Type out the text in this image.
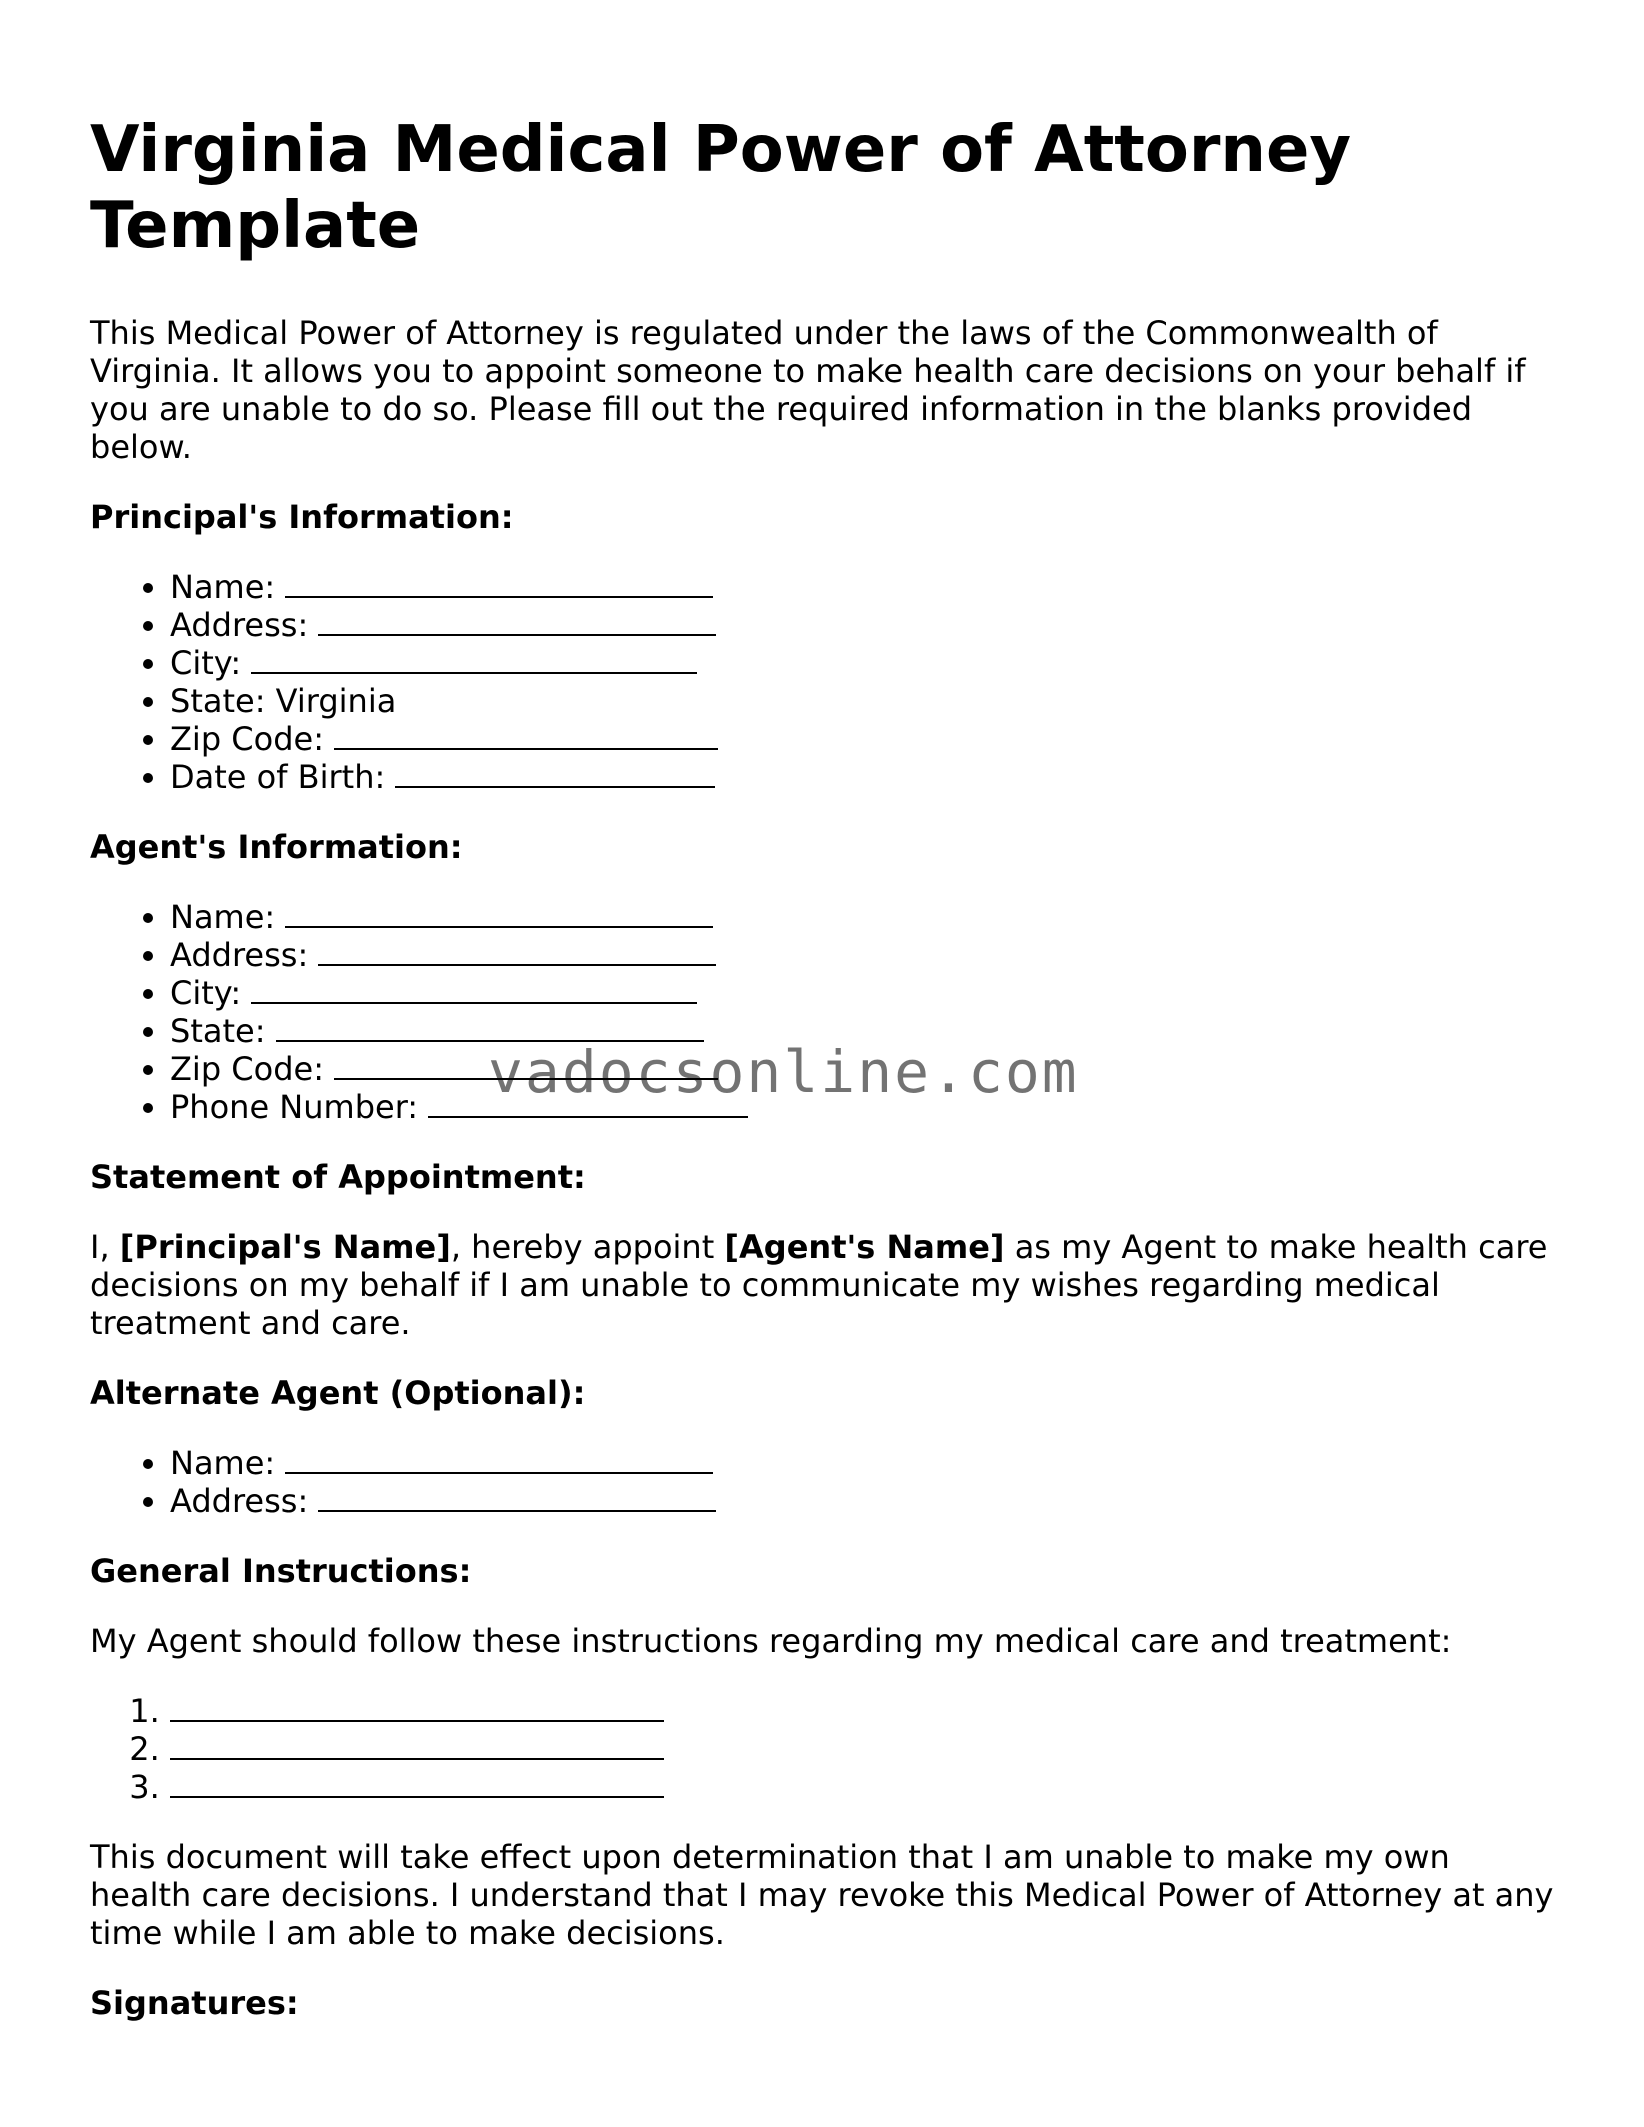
Virginia Medical Power of Attorney Template

This Medical Power of Attorney is regulated under the laws of the Commonwealth of Virginia. It allows you to appoint someone to make health care decisions on your behalf if you are unable to do so. Please fill out the required information in the blanks provided below.

Principal's Information:
• Name:
• Address:
• City:
• State: Virginia
• Zip Code:
• Date of Birth:
Agent's Information:
• Name:
• Address:
• City:
• State:
• Zip Code:
• Phone Number:
Statement of Appointment:

I, [Principal's Name], hereby appoint [Agent's Name] as my Agent to make health care decisions on my behalf if I am unable to communicate my wishes regarding medical treatment and care.

Alternate Agent (Optional):
• Name:
• Address:
General Instructions:

My Agent should follow these instructions regarding my medical care and treatment:

1.
2.
3.

This document will take effect upon determination that I am unable to make my own health care decisions. I understand that I may revoke this Medical Power of Attorney at any time while I am able to make decisions.

Signatures:
vadocsonline.com
